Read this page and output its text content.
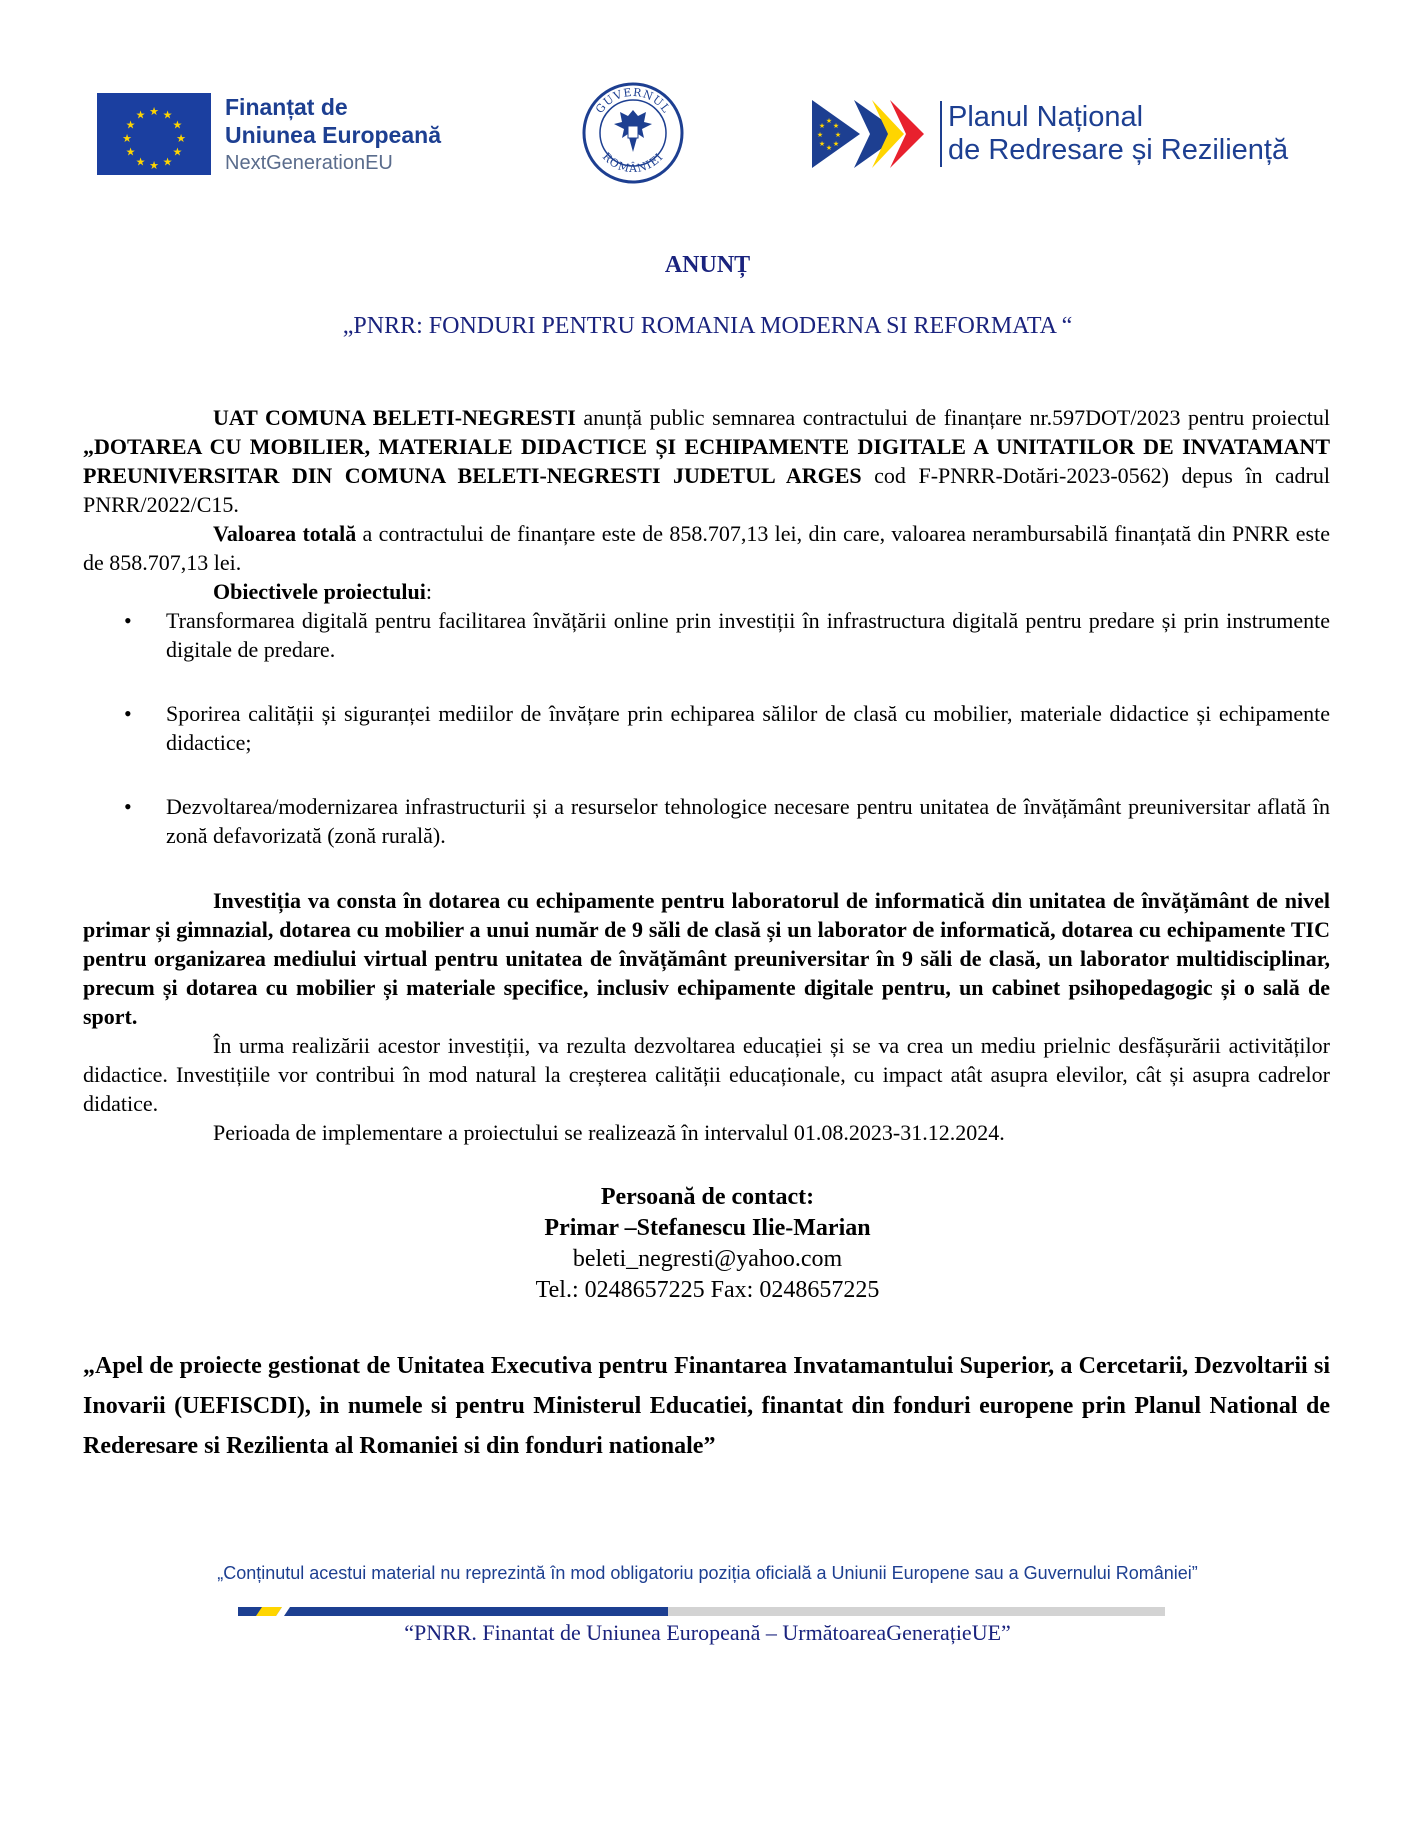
★ ★
★
★
★
★
★
★
★
★
★
★	Finanțat de
Uniunea Europeană
NextGenerationEU
GUVERNUL
ROMÂNIEI
★
★
★
★
★
★
★
★	Planul Național
de Redresare și Reziliență
ANUNȚ
„PNRR: FONDURI PENTRU ROMANIA MODERNA SI REFORMATA “

UAT COMUNA BELETI-NEGRESTI anunță public semnarea contractului de finanțare nr.597DOT/2023 pentru proiectul „DOTAREA CU MOBILIER, MATERIALE DIDACTICE ȘI ECHIPAMENTE DIGITALE A UNITATILOR DE INVATAMANT PREUNIVERSITAR DIN COMUNA BELETI-NEGRESTI JUDETUL ARGES cod F-PNRR-Dotări-2023-0562) depus în cadrul PNRR/2022/C15.

Valoarea totală a contractului de finanțare este de 858.707,13 lei, din care, valoarea nerambursabilă finanțată din PNRR este de 858.707,13 lei.

Obiectivele proiectului:

• Transformarea digitală pentru facilitarea învățării online prin investiții în infrastructura digitală pentru predare și prin instrumente digitale de predare.
• Sporirea calității și siguranței mediilor de învățare prin echiparea sălilor de clasă cu mobilier, materiale didactice și echipamente didactice;
• Dezvoltarea/modernizarea infrastructurii și a resurselor tehnologice necesare pentru unitatea de învățământ preuniversitar aflată în zonă defavorizată (zonă rurală).

Investiția va consta în dotarea cu echipamente pentru laboratorul de informatică din unitatea de învățământ de nivel primar și gimnazial, dotarea cu mobilier a unui număr de 9 săli de clasă și un laborator de informatică, dotarea cu echipamente TIC pentru organizarea mediului virtual pentru unitatea de învățământ preuniversitar în 9 săli de clasă, un laborator multidisciplinar, precum și dotarea cu mobilier și materiale specifice, inclusiv echipamente digitale pentru, un cabinet psihopedagogic și o sală de sport.

În urma realizării acestor investiții, va rezulta dezvoltarea educației și se va crea un mediu prielnic desfășurării activităților didactice. Investițiile vor contribui în mod natural la creșterea calității educaționale, cu impact atât asupra elevilor, cât și asupra cadrelor didatice.

Perioada de implementare a proiectului se realizează în intervalul 01.08.2023-31.12.2024.

Persoană de contact:
Primar –Stefanescu Ilie-Marian
beleti_negresti@yahoo.com
Tel.: 0248657225 Fax: 0248657225
„Apel de proiecte gestionat de Unitatea Executiva pentru Finantarea Invatamantului Superior, a Cercetarii, Dezvoltarii si Inovarii (UEFISCDI), in numele si pentru Ministerul Educatiei, finantat din fonduri europene prin Planul National de Rederesare si Rezilienta al Romaniei si din fonduri nationale”
„Conținutul acestui material nu reprezintă în mod obligatoriu poziția oficială a Uniunii Europene sau a Guvernului României”
“PNRR. Finantat de Uniunea Europeană – UrmătoareaGenerațieUE”
